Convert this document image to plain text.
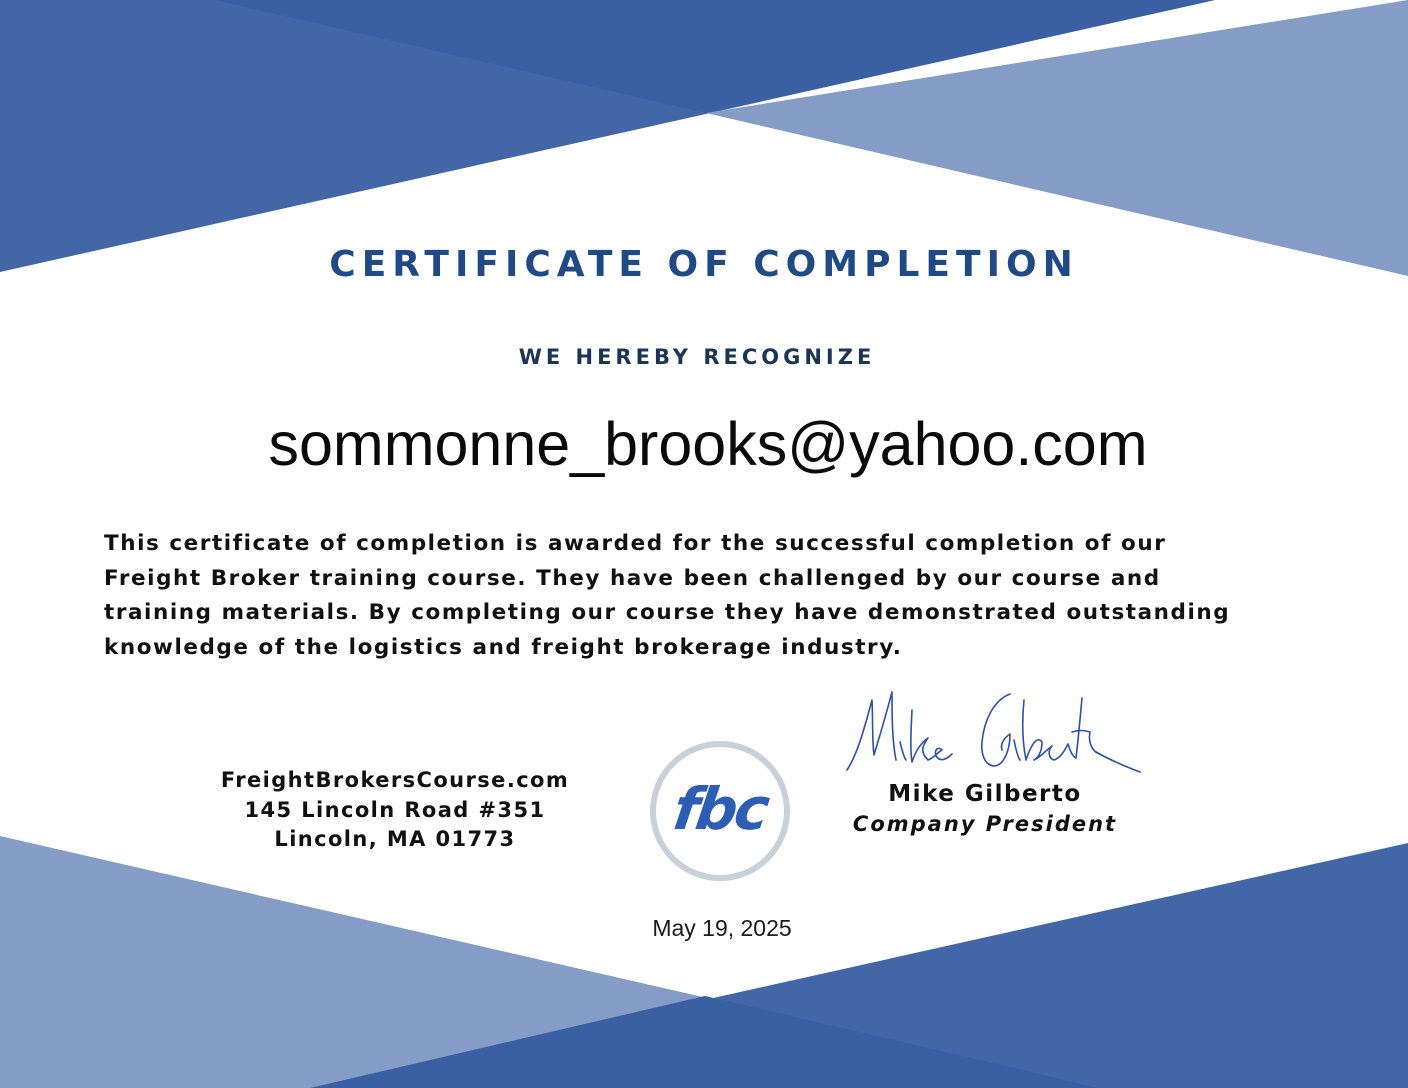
CERTIFICATE OF COMPLETION
WE HEREBY RECOGNIZE
sommonne_brooks@yahoo.com
This certificate of completion is awarded for the successful completion of our
Freight Broker training course. They have been challenged by our course and
training materials. By completing our course they have demonstrated outstanding
knowledge of the logistics and freight brokerage industry.
FreightBrokersCourse.com
145 Lincoln Road #351
Lincoln, MA 01773	fbc	Mike Gilberto
Company President
May 19, 2025
